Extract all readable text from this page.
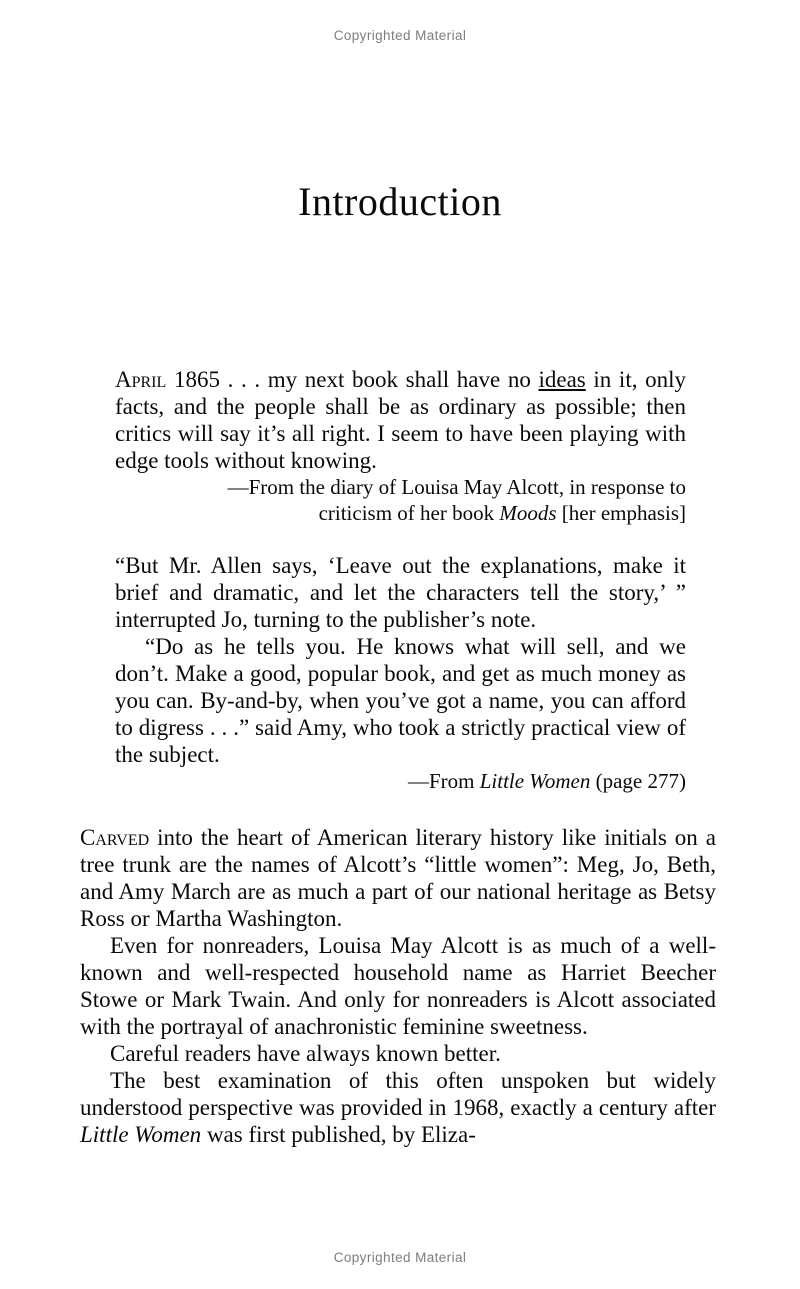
Copyrighted Material
Introduction

April 1865 . . . my next book shall have no ideas in it, only facts, and the people shall be as ordinary as possible; then critics will say it’s all right. I seem to have been playing with edge tools without knowing.

—From the diary of Louisa May Alcott, in response to
criticism of her book Moods [her emphasis]

“But Mr. Allen says, ‘Leave out the explanations, make it brief and dramatic, and let the characters tell the story,’ ” interrupted Jo, turning to the publisher’s note.

“Do as he tells you. He knows what will sell, and we don’t. Make a good, popular book, and get as much money as you can. By-and-by, when you’ve got a name, you can afford to digress . . .” said Amy, who took a strictly practical view of the subject.

—From Little Women (page 277)

Carved into the heart of American literary history like initials on a tree trunk are the names of Alcott’s “little women”: Meg, Jo, Beth, and Amy March are as much a part of our national heritage as Betsy Ross or Martha Washington.

Even for nonreaders, Louisa May Alcott is as much of a well-known and well-respected household name as Harriet Beecher Stowe or Mark Twain. And only for nonreaders is Alcott associated with the portrayal of anachronistic feminine sweetness.

Careful readers have always known better.

The best examination of this often unspoken but widely understood perspective was provided in 1968, exactly a century after Little Women was first published, by Eliza-

Copyrighted Material
